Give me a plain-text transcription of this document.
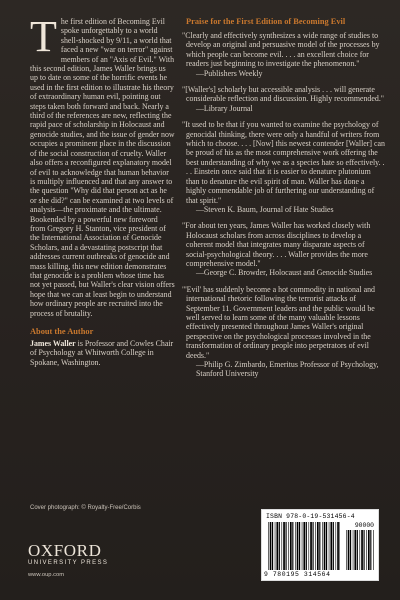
The first edition of Becoming Evil spoke unforgettably to a world shell-shocked by 9/11, a world that faced a new "war on terror" against members of an "Axis of Evil." With this second edition, James Waller brings us up to date on some of the horrific events he used in the first edition to illustrate his theory of extraordinary human evil, pointing out steps taken both forward and back. Nearly a third of the references are new, reflecting the rapid pace of scholarship in Holocaust and genocide studies, and the issue of gender now occupies a prominent place in the discussion of the social construction of cruelty. Waller also offers a reconfigured explanatory model of evil to acknowledge that human behavior is multiply influenced and that any answer to the question "Why did that person act as he or she did?" can be examined at two levels of analysis—the proximate and the ultimate. Bookended by a powerful new foreword from Gregory H. Stanton, vice president of the International Association of Genocide Scholars, and a devastating postscript that addresses current outbreaks of genocide and mass killing, this new edition demonstrates that genocide is a problem whose time has not yet passed, but Waller's clear vision offers hope that we can at least begin to understand how ordinary people are recruited into the process of brutality.

About the Author

James Waller is Professor and Cowles Chair of Psychology at Whitworth College in Spokane, Washington.

Cover photograph: © Royalty-Free/Corbis
OXFORD
UNIVERSITY PRESS
www.oup.com
Praise for the First Edition of Becoming Evil

"Clearly and effectively synthesizes a wide range of studies to develop an original and persuasive model of the processes by which people can become evil. . . . an excellent choice for readers just beginning to investigate the phenomenon."
—Publishers Weekly

"[Waller's] scholarly but accessible analysis . . . will generate considerable reflection and discussion. Highly recommended."
—Library Journal

"It used to be that if you wanted to examine the psychology of genocidal thinking, there were only a handful of writers from which to choose. . . . [Now] this newest contender [Waller] can be proud of his as the most comprehensive work offering the best understanding of why we as a species hate so effectively. . . . Einstein once said that it is easier to denature plutonium than to denature the evil spirit of man. Waller has done a highly commendable job of furthering our understanding of that spirit."
—Steven K. Baum, Journal of Hate Studies

"For about ten years, James Waller has worked closely with Holocaust scholars from across disciplines to develop a coherent model that integrates many disparate aspects of social-psychological theory. . . . Waller provides the more comprehensive model."
—George C. Browder, Holocaust and Genocide Studies

"'Evil' has suddenly become a hot commodity in national and international rhetoric following the terrorist attacks of September 11. Government leaders and the public would be well served to learn some of the many valuable lessons effectively presented throughout James Waller's original perspective on the psychological processes involved in the transformation of ordinary people into perpetrators of evil deeds."
—Philip G. Zimbardo, Emeritus Professor of Psychology, Stanford University

ISBN 978-0-19-531456-4
90000
9 780195 314564
